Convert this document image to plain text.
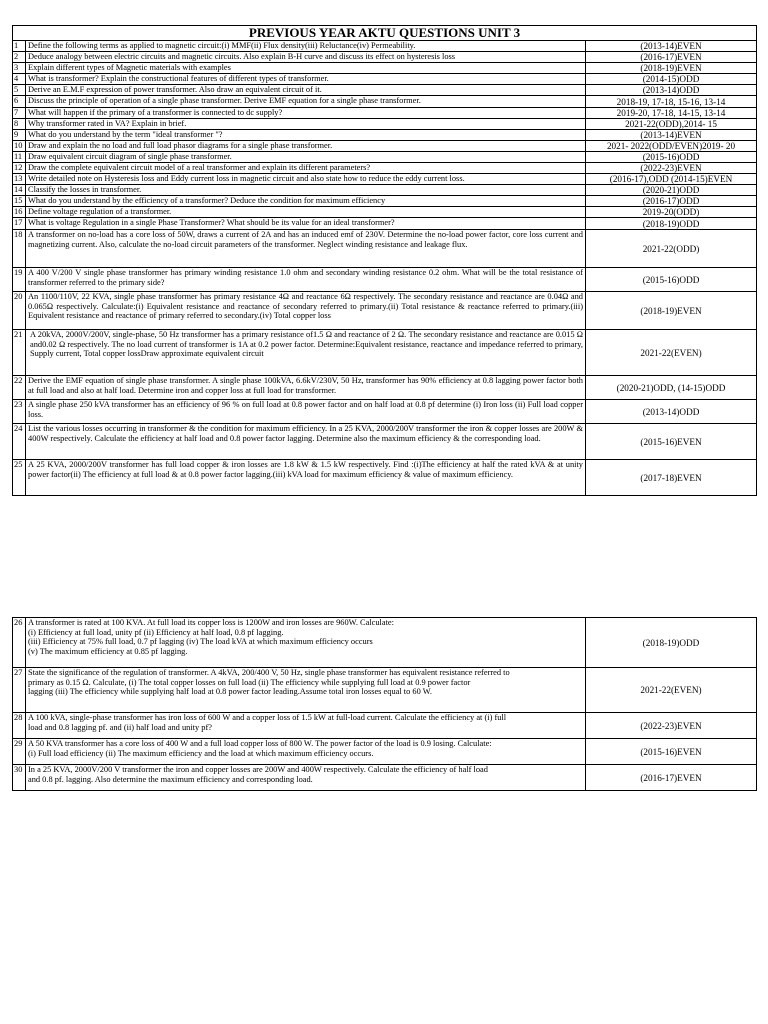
PREVIOUS YEAR AKTU QUESTIONS UNIT 3		
1	Define the following terms as applied to magnetic circuit:(i) MMF(ii) Flux density(iii) Reluctance(iv) Permeability.	(2013-14)EVEN
2	Deduce analogy between electric circuits and magnetic circuits. Also explain B-H curve and discuss its effect on hysteresis loss	(2016-17)EVEN
3	Explain different types of Magnetic materials with examples	(2018-19)EVEN
4	What is transformer? Explain the constructional features of different types of transformer.	(2014-15)ODD
5	Derive an E.M.F expression of power transformer. Also draw an equivalent circuit of it.	(2013-14)ODD
6	Discuss the principle of operation of a single phase transformer. Derive EMF equation for a single phase transformer.	2018-19, 17-18, 15-16, 13-14
7	What will happen if the primary of a transformer is connected to dc supply?	2019-20, 17-18, 14-15, 13-14
8	Why transformer rated in VA? Explain in brief.	2021-22(ODD),2014- 15
9	What do you understand by the term "ideal transformer "?	(2013-14)EVEN
10	Draw and explain the no load and full load phasor diagrams for a single phase transformer.	2021- 2022(ODD/EVEN)2019- 20
11	Draw equivalent circuit diagram of single phase transformer.	(2015-16)ODD
12	Draw the complete equivalent circuit model of a real transformer and explain its different parameters?	(2022-23)EVEN
13	Write detailed note on Hysteresis loss and Eddy current loss in magnetic circuit and also state how to reduce the eddy current loss.	(2016-17),ODD (2014-15)EVEN
14	Classify the losses in transformer.	(2020-21)ODD
15	What do you understand by the efficiency of a transformer? Deduce the condition for maximum efficiency	(2016-17)ODD
16	Define voltage regulation of a transformer.	2019-20(ODD)
17	What is voltage Regulation in a single Phase Transformer? What should be its value for an ideal transformer?	(2018-19)ODD
18	A transformer on no-load has a core loss of 50W, draws a current of 2A and has an induced emf of 230V. Determine the no-load power factor, core loss current and magnetizing current. Also, calculate the no-load circuit parameters of the transformer. Neglect winding resistance and leakage flux.	2021-22(ODD)
19	A 400 V/200 V single phase transformer has primary winding resistance 1.0 ohm and secondary winding resistance 0.2 ohm. What will be the total resistance of transformer referred to the primary side?	(2015-16)ODD
20	An 1100/110V, 22 KVA, single phase transformer has primary resistance 4Ω and reactance 6Ω respectively. The secondary resistance and reactance are 0.04Ω and 0.065Ω respectively. Calculate:(i) Equivalent resistance and reactance of secondary referred to primary.(ii) Total resistance & reactance referred to primary.(iii) Equivalent resistance and reactance of primary referred to secondary.(iv) Total copper loss	(2018-19)EVEN
21	A 20kVA, 2000V/200V, single-phase, 50 Hz transformer has a primary resistance of1.5 Ω and reactance of 2 Ω. The secondary resistance and reactance are 0.015 Ω and0.02 Ω respectively. The no load current of transformer is 1A at 0.2 power factor. Determine:Equivalent resistance, reactance and impedance referred to primary, Supply current, Total copper lossDraw approximate equivalent circuit	2021-22(EVEN)
22	Derive the EMF equation of single phase transformer. A single phase 100kVA, 6.6kV/230V, 50 Hz, transformer has 90% efficiency at 0.8 lagging power factor both at full load and also at half load. Determine iron and copper loss at full load for transformer.	(2020-21)ODD, (14-15)ODD
23	A single phase 250 kVA transformer has an efficiency of 96 % on full load at 0.8 power factor and on half load at 0.8 pf determine (i) Iron loss (ii) Full load copper loss.	(2013-14)ODD
24	List the various losses occurring in transformer & the condition for maximum efficiency. In a 25 KVA, 2000/200V transformer the iron & copper losses are 200W & 400W respectively. Calculate the efficiency at half load and 0.8 power factor lagging. Determine also the maximum efficiency & the corresponding load.	(2015-16)EVEN
25	A 25 KVA, 2000/200V transformer has full load copper & iron losses are 1.8 kW & 1.5 kW respectively. Find :(i)The efficiency at half the rated kVA & at unity power factor(ii) The efficiency at full load & at 0.8 power factor lagging.(iii) kVA load for maximum efficiency & value of maximum efficiency.	(2017-18)EVEN
26	A transformer is rated at 100 KVA. At full load its copper loss is 1200W and iron losses are 960W. Calculate:
(i) Efficiency at full load, unity pf (ii) Efficiency at half load, 0.8 pf lagging.
(iii) Efficiency at 75% full load, 0.7 pf lagging (iv) The load kVA at which maximum efficiency occurs
(v) The maximum efficiency at 0.85 pf lagging.	(2018-19)ODD
27	State the significance of the regulation of transformer. A 4kVA, 200/400 V, 50 Hz, single phase transformer has equivalent resistance referred to
primary as 0.15 Ω. Calculate, (i) The total copper losses on full load (ii) The efficiency while supplying full load at 0.9 power factor
lagging (iii) The efficiency while supplying half load at 0.8 power factor leading.Assume total iron losses equal to 60 W.	2021-22(EVEN)
28	A 100 kVA, single-phase transformer has iron loss of 600 W and a copper loss of 1.5 kW at full-load current. Calculate the efficiency at (i) full
load and 0.8 lagging pf. and (ii) half load and unity pf?	(2022-23)EVEN
29	A 50 KVA transformer has a core loss of 400 W and a full load copper loss of 800 W. The power factor of the load is 0.9 losing. Calculate:
(i) Full load efficiency (ii) The maximum efficiency and the load at which maximum efficiency occurs.	(2015-16)EVEN
30	In a 25 KVA, 2000V/200 V transformer the iron and copper losses are 200W and 400W respectively. Calculate the efficiency of half load
and 0.8 pf. lagging. Also determine the maximum efficiency and corresponding load.	(2016-17)EVEN
